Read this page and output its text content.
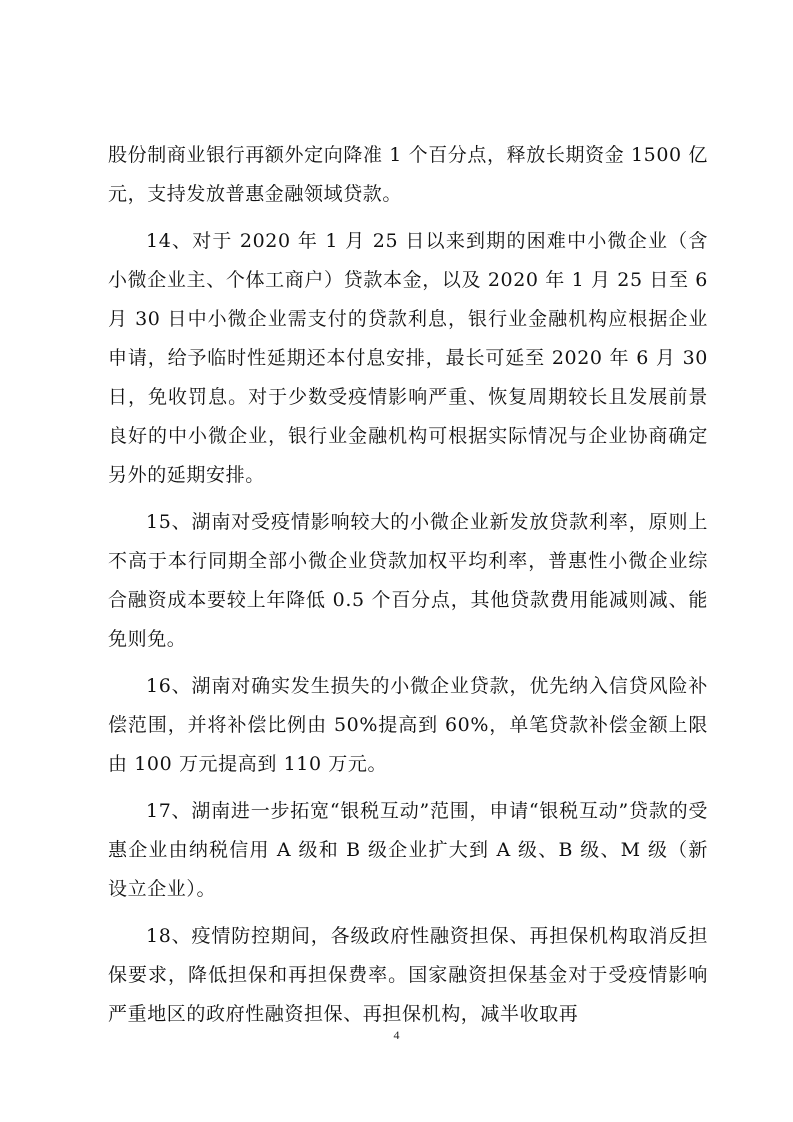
股份制商业银行再额外定向降准 1 个百分点，释放长期资金 1500 亿元，支持发放普惠金融领域贷款。

14、对于 2020 年 1 月 25 日以来到期的困难中小微企业（含小微企业主、个体工商户）贷款本金，以及 2020 年 1 月 25 日至 6 月 30 日中小微企业需支付的贷款利息，银行业金融机构应根据企业申请，给予临时性延期还本付息安排，最长可延至 2020 年 6 月 30 日，免收罚息。对于少数受疫情影响严重、恢复周期较长且发展前景良好的中小微企业，银行业金融机构可根据实际情况与企业协商确定另外的延期安排。

15、湖南对受疫情影响较大的小微企业新发放贷款利率，原则上不高于本行同期全部小微企业贷款加权平均利率，普惠性小微企业综合融资成本要较上年降低 0.5 个百分点，其他贷款费用能减则减、能免则免。

16、湖南对确实发生损失的小微企业贷款，优先纳入信贷风险补偿范围，并将补偿比例由 50%提高到 60%，单笔贷款补偿金额上限由 100 万元提高到 110 万元。

17、湖南进一步拓宽“银税互动”范围，申请“银税互动”贷款的受惠企业由纳税信用 A 级和 B 级企业扩大到 A 级、B 级、M 级（新设立企业）。

18、疫情防控期间，各级政府性融资担保、再担保机构取消反担保要求，降低担保和再担保费率。国家融资担保基金对于受疫情影响严重地区的政府性融资担保、再担保机构，减半收取再

4
